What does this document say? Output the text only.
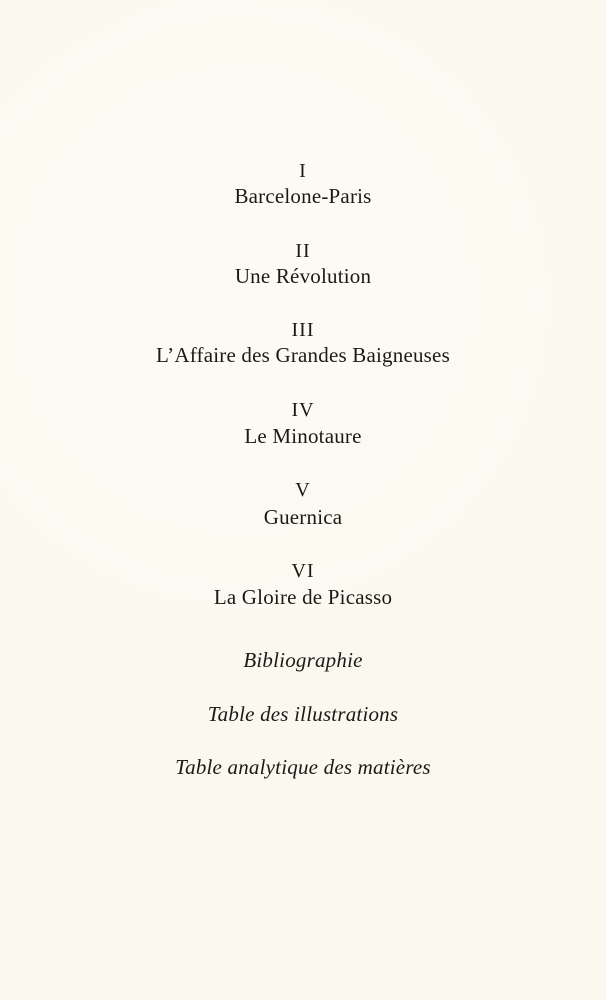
I
Barcelone-Paris
II
Une Révolution
III
L’Affaire des Grandes Baigneuses
IV
Le Minotaure
V
Guernica
VI
La Gloire de Picasso
Bibliographie
Table des illustrations
Table analytique des matières
